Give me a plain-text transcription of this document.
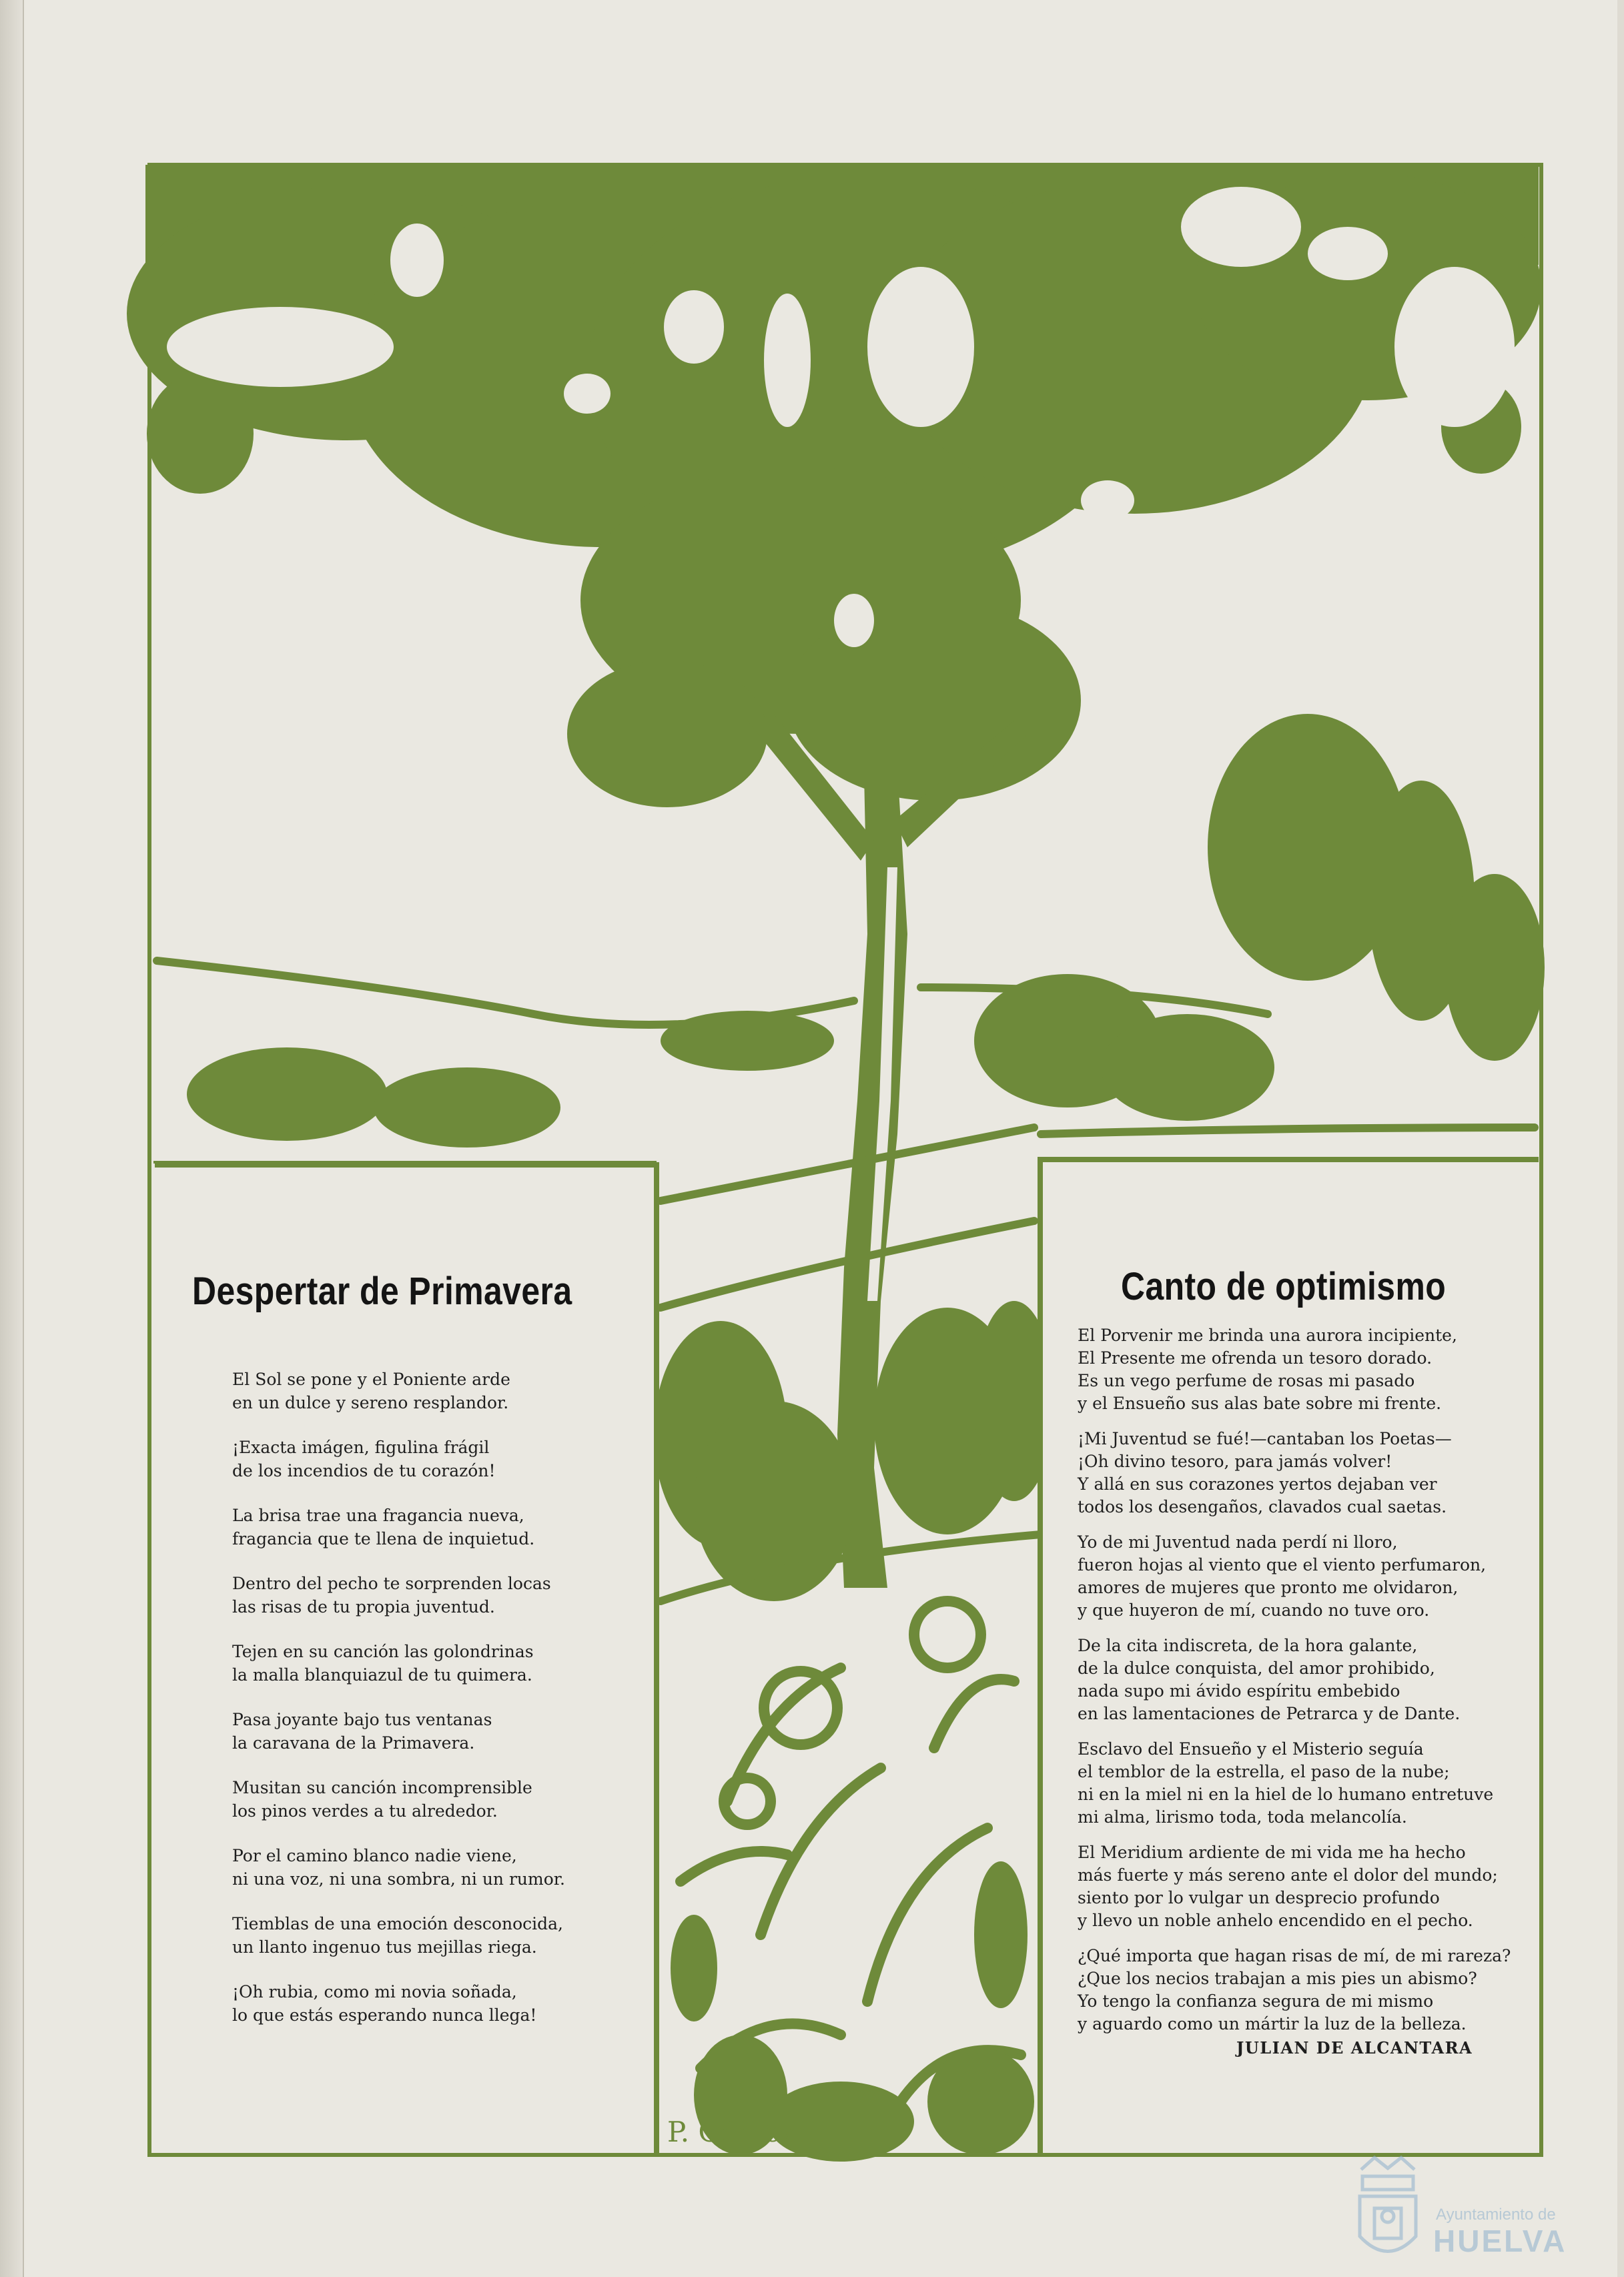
P. Gómez
Despertar de Primavera
El Sol se pone y el Poniente arde
en un dulce y sereno resplandor.
¡Exacta imágen, figulina frágil
de los incendios de tu corazón!
La brisa trae una fragancia nueva,
fragancia que te llena de inquietud.
Dentro del pecho te sorprenden locas
las risas de tu propia juventud.
Tejen en su canción las golondrinas
la malla blanquiazul de tu quimera.
Pasa joyante bajo tus ventanas
la caravana de la Primavera.
Musitan su canción incomprensible
los pinos verdes a tu alrededor.
Por el camino blanco nadie viene,
ni una voz, ni una sombra, ni un rumor.
Tiemblas de una emoción desconocida,
un llanto ingenuo tus mejillas riega.
¡Oh rubia, como mi novia soñada,
lo que estás esperando nunca llega!
Canto de optimismo
El Porvenir me brinda una aurora incipiente,
El Presente me ofrenda un tesoro dorado.
Es un vego perfume de rosas mi pasado
y el Ensueño sus alas bate sobre mi frente.
¡Mi Juventud se fué!—cantaban los Poetas—
¡Oh divino tesoro, para jamás volver!
Y allá en sus corazones yertos dejaban ver
todos los desengaños, clavados cual saetas.
Yo de mi Juventud nada perdí ni lloro,
fueron hojas al viento que el viento perfumaron,
amores de mujeres que pronto me olvidaron,
y que huyeron de mí, cuando no tuve oro.
De la cita indiscreta, de la hora galante,
de la dulce conquista, del amor prohibido,
nada supo mi ávido espíritu embebido
en las lamentaciones de Petrarca y de Dante.
Esclavo del Ensueño y el Misterio seguía
el temblor de la estrella, el paso de la nube;
ni en la miel ni en la hiel de lo humano entretuve
mi alma, lirismo toda, toda melancolía.
El Meridium ardiente de mi vida me ha hecho
más fuerte y más sereno ante el dolor del mundo;
siento por lo vulgar un desprecio profundo
y llevo un noble anhelo encendido en el pecho.
¿Qué importa que hagan risas de mí, de mi rareza?
¿Que los necios trabajan a mis pies un abismo?
Yo tengo la confianza segura de mi mismo
y aguardo como un mártir la luz de la belleza.
JULIAN DE ALCANTARA
Ayuntamiento de
HUELVA
